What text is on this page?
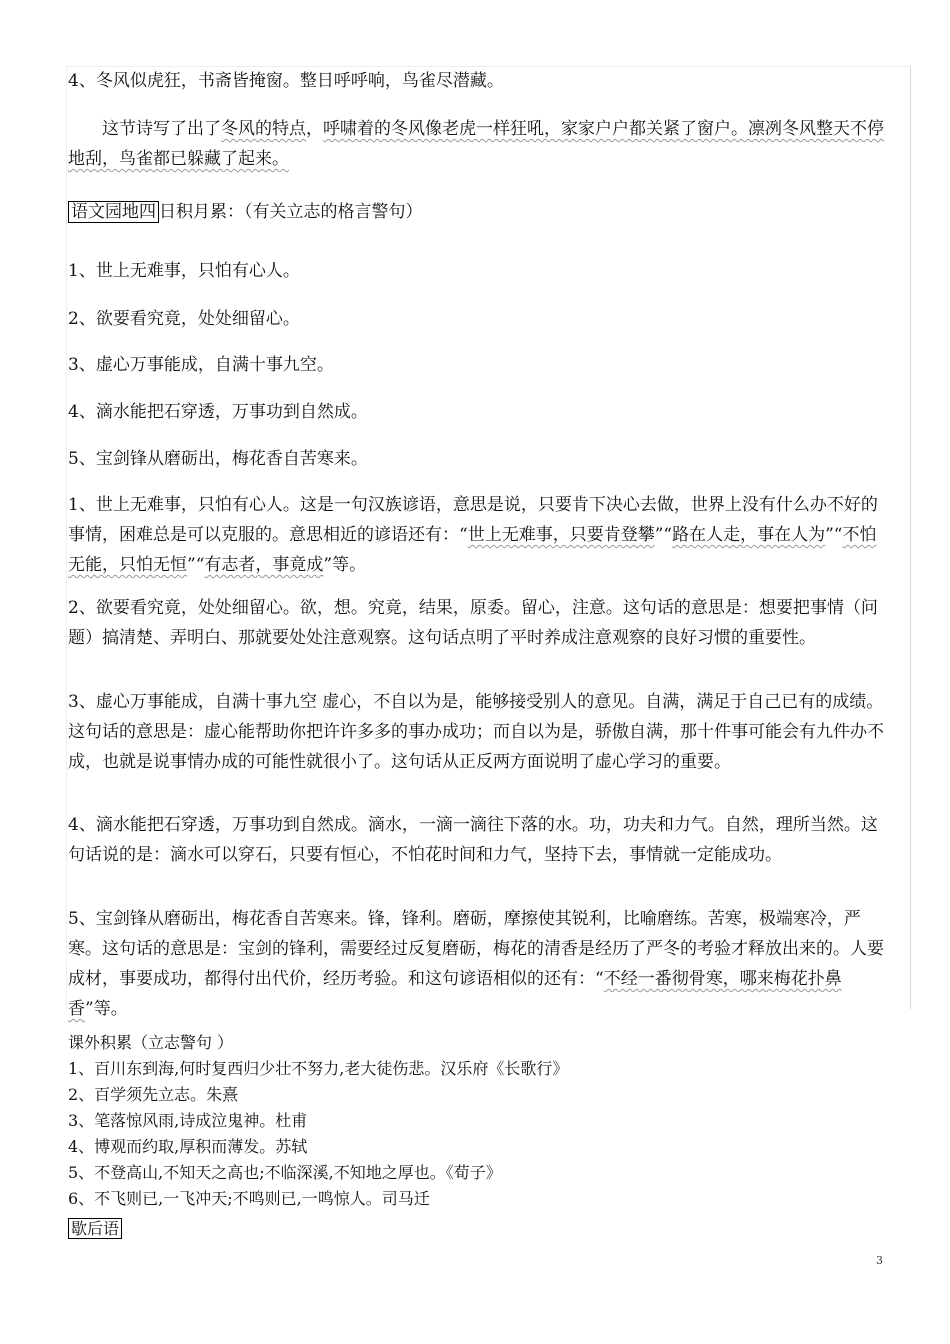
4、冬风似虎狂，书斋皆掩窗。整日呼呼响，鸟雀尽潜藏。

这节诗写了出了冬风的特点，呼啸着的冬风像老虎一样狂吼，家家户户都关紧了窗户。凛冽冬风整天不停地刮，鸟雀都已躲藏了起来。

语文园地四 日积月累：（有关立志的格言警句）

1、世上无难事，只怕有心人。

2、欲要看究竟，处处细留心。

3、虚心万事能成，自满十事九空。

4、滴水能把石穿透，万事功到自然成。

5、宝剑锋从磨砺出，梅花香自苦寒来。

1、世上无难事，只怕有心人。这是一句汉族谚语，意思是说，只要肯下决心去做，世界上没有什么办不好的事情，困难总是可以克服的。意思相近的谚语还有：“世上无难事，只要肯登攀”“路在人走，事在人为”“不怕无能，只怕无恒”“有志者，事竟成”等。

2、欲要看究竟，处处细留心。欲，想。究竟，结果，原委。留心，注意。这句话的意思是：想要把事情（问题）搞清楚、弄明白、那就要处处注意观察。这句话点明了平时养成注意观察的良好习惯的重要性。

3、虚心万事能成，自满十事九空 虚心，不自以为是，能够接受别人的意见。自满，满足于自己已有的成绩。这句话的意思是：虚心能帮助你把许许多多的事办成功；而自以为是，骄傲自满，那十件事可能会有九件办不成，也就是说事情办成的可能性就很小了。这句话从正反两方面说明了虚心学习的重要。

4、滴水能把石穿透，万事功到自然成。滴水，一滴一滴往下落的水。功，功夫和力气。自然，理所当然。这句话说的是：滴水可以穿石，只要有恒心，不怕花时间和力气，坚持下去，事情就一定能成功。

5、宝剑锋从磨砺出，梅花香自苦寒来。锋，锋利。磨砺，摩擦使其锐利，比喻磨练。苦寒，极端寒冷，严寒。这句话的意思是：宝剑的锋利，需要经过反复磨砺，梅花的清香是经历了严冬的考验才释放出来的。人要成材，事要成功，都得付出代价，经历考验。和这句谚语相似的还有：“不经一番彻骨寒，哪来梅花扑鼻香”等。

课外积累（立志警句 ）

1、百川东到海,何时复西归少壮不努力,老大徒伤悲。汉乐府《长歌行》

2、百学须先立志。朱熹

3、笔落惊风雨,诗成泣鬼神。杜甫

4、博观而约取,厚积而薄发。苏轼

5、不登高山,不知天之高也;不临深溪,不知地之厚也。《荀子》

6、不飞则已,一飞冲天;不鸣则已,一鸣惊人。司马迁

歇后语

3
